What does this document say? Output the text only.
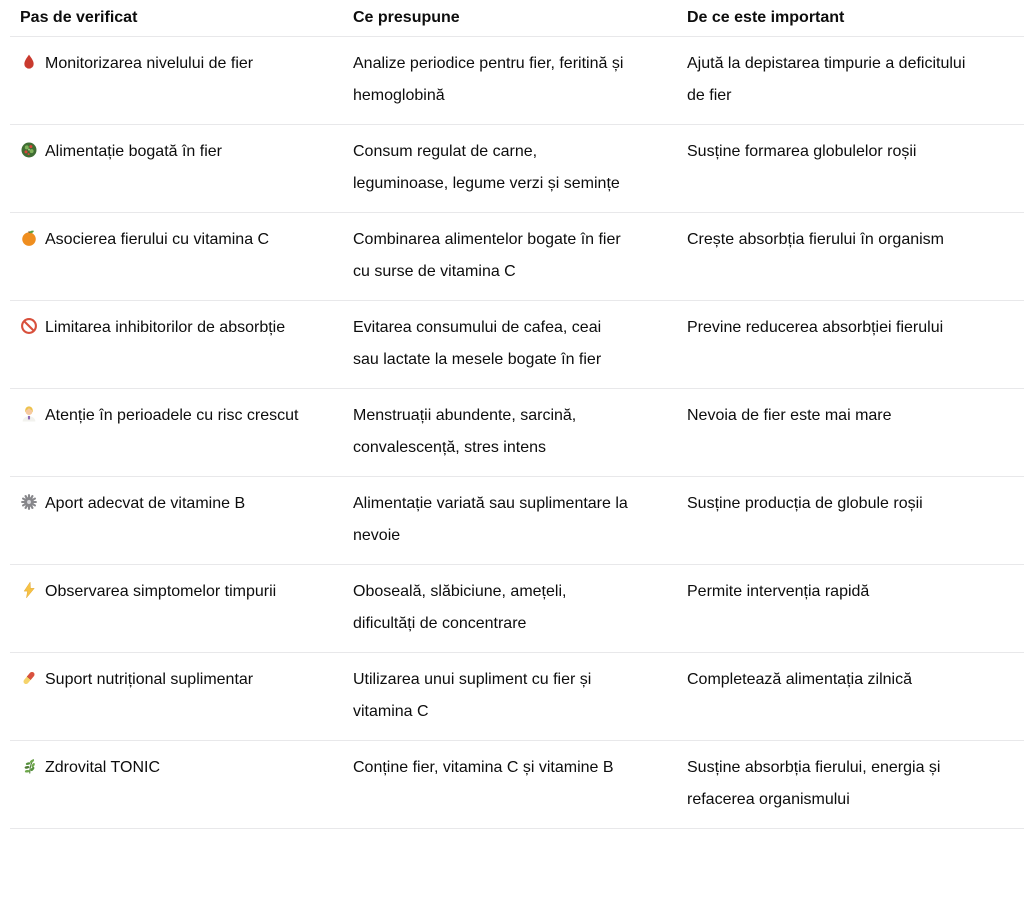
Pas de verificat	Ce presupune	De ce este important

Monitorizarea nivelului de fier	Analize periodice pentru fier, feritină și hemoglobină	Ajută la depistarea timpurie a deficitului de fier

Alimentație bogată în fier	Consum regulat de carne, leguminoase, legume verzi și semințe	Susține formarea globulelor roșii

Asocierea fierului cu vitamina C	Combinarea alimentelor bogate în fier cu surse de vitamina C	Crește absorbția fierului în organism

Limitarea inhibitorilor de absorbție	Evitarea consumului de cafea, ceai sau lactate la mesele bogate în fier	Previne reducerea absorbției fierului

Atenție în perioadele cu risc crescut	Menstruații abundente, sarcină, convalescență, stres intens	Nevoia de fier este mai mare

Aport adecvat de vitamine B	Alimentație variată sau suplimentare la nevoie	Susține producția de globule roșii

Observarea simptomelor timpurii	Oboseală, slăbiciune, amețeli, dificultăți de concentrare	Permite intervenția rapidă

Suport nutrițional suplimentar	Utilizarea unui supliment cu fier și vitamina C	Completează alimentația zilnică

Zdrovital TONIC	Conține fier, vitamina C și vitamine B	Susține absorbția fierului, energia și refacerea organismului
